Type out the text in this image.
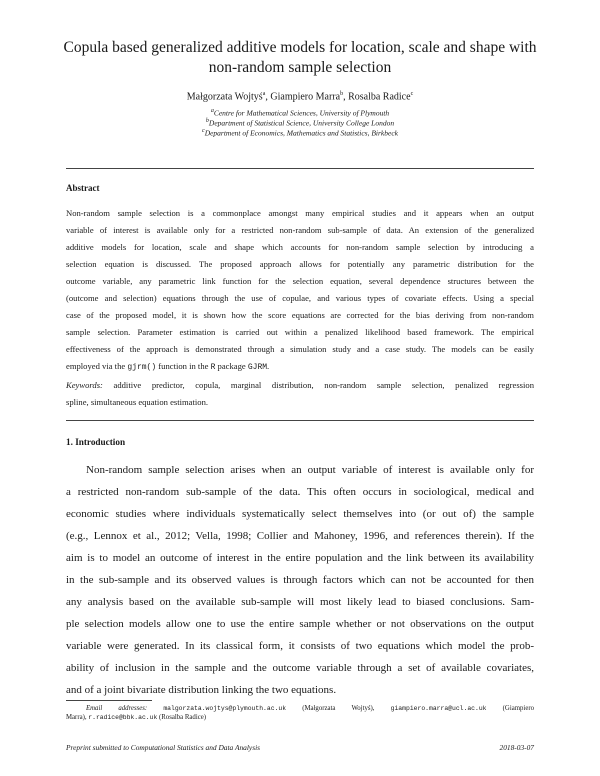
Copula based generalized additive models for location, scale and shape with
non-random sample selection
Małgorzata Wojtyś$^a$, Giampiero Marra$^b$, Rosalba Radice$^c$
$^a$Centre for Mathematical Sciences, University of Plymouth
$^b$Department of Statistical Science, University College London
$^c$Department of Economics, Mathematics and Statistics, Birkbeck
Abstract
Non-random sample selection is a commonplace amongst many empirical studies and it appears when an output
variable of interest is available only for a restricted non-random sub-sample of data. An extension of the generalized
additive models for location, scale and shape which accounts for non-random sample selection by introducing a
selection equation is discussed. The proposed approach allows for potentially any parametric distribution for the
outcome variable, any parametric link function for the selection equation, several dependence structures between the
(outcome and selection) equations through the use of copulae, and various types of covariate effects. Using a special
case of the proposed model, it is shown how the score equations are corrected for the bias deriving from non-random
sample selection. Parameter estimation is carried out within a penalized likelihood based framework. The empirical
effectiveness of the approach is demonstrated through a simulation study and a case study. The models can be easily
employed via the gjrm() function in the R package GJRM.
Keywords: additive predictor, copula, marginal distribution, non-random sample selection, penalized regression
spline, simultaneous equation estimation.
1. Introduction
Non-random sample selection arises when an output variable of interest is available only for
a restricted non-random sub-sample of the data. This often occurs in sociological, medical and
economic studies where individuals systematically select themselves into (or out of) the sample
(e.g., Lennox et al., 2012; Vella, 1998; Collier and Mahoney, 1996, and references therein). If the
aim is to model an outcome of interest in the entire population and the link between its availability
in the sub-sample and its observed values is through factors which can not be accounted for then
any analysis based on the available sub-sample will most likely lead to biased conclusions. Sam-
ple selection models allow one to use the entire sample whether or not observations on the output
variable were generated. In its classical form, it consists of two equations which model the prob-
ability of inclusion in the sample and the outcome variable through a set of available covariates,
and of a joint bivariate distribution linking the two equations.
Email addresses:	malgorzata.wojtys@plymouth.ac.uk (Małgorzata Wojtyś), giampiero.marra@ucl.ac.uk (Giampiero
Marra), r.radice@bbk.ac.uk (Rosalba Radice)
Preprint submitted to Computational Statistics and Data Analysis	2018-03-07
